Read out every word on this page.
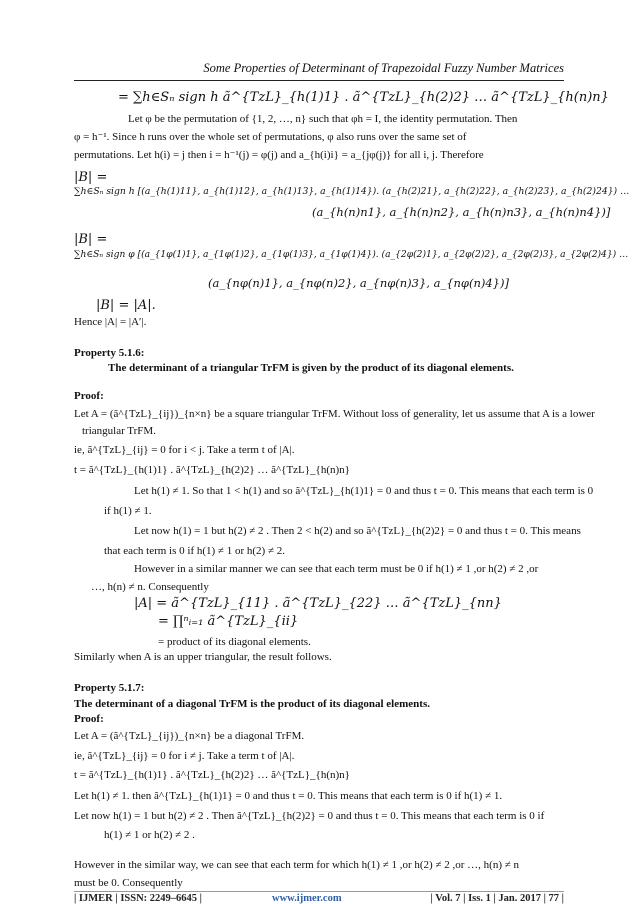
Some Properties of Determinant of Trapezoidal Fuzzy Number Matrices
= ∑h∈Sₙ sign h ã^{TzL}_{h(1)1} . ã^{TzL}_{h(2)2} … ã^{TzL}_{h(n)n}
Let φ be the permutation of {1, 2, …, n} such that φh = I, the identity permutation. Then
φ = h⁻¹. Since h runs over the whole set of permutations, φ also runs over the same set of
permutations. Let h(i) = j then i = h⁻¹(j) = φ(j) and a_{h(i)i} = a_{jφ(j)} for all i, j. Therefore
|B| =
∑h∈Sₙ sign h [(a_{h(1)11}, a_{h(1)12}, a_{h(1)13}, a_{h(1)14}). (a_{h(2)21}, a_{h(2)22}, a_{h(2)23}, a_{h(2)24}) …
(a_{h(n)n1}, a_{h(n)n2}, a_{h(n)n3}, a_{h(n)n4})]
|B| =
∑h∈Sₙ sign φ [(a_{1φ(1)1}, a_{1φ(1)2}, a_{1φ(1)3}, a_{1φ(1)4}). (a_{2φ(2)1}, a_{2φ(2)2}, a_{2φ(2)3}, a_{2φ(2)4}) …
(a_{nφ(n)1}, a_{nφ(n)2}, a_{nφ(n)3}, a_{nφ(n)4})]
|B| = |A|.
Hence |A| = |Aʹ|.
Property 5.1.6:
The determinant of a triangular TrFM is given by the product of its diagonal elements.
Proof:
Let A = (ã^{TzL}_{ij})_{n×n} be a square triangular TrFM. Without loss of generality, let us assume that A is a lower
triangular TrFM.
ie, ã^{TzL}_{ij} = 0 for i < j. Take a term t of |A|.
t = ã^{TzL}_{h(1)1} . ã^{TzL}_{h(2)2} … ã^{TzL}_{h(n)n}
Let h(1) ≠ 1. So that 1 < h(1) and so ã^{TzL}_{h(1)1} = 0 and thus t = 0. This means that each term is 0
if h(1) ≠ 1.
Let now h(1) = 1 but h(2) ≠ 2 . Then 2 < h(2) and so ã^{TzL}_{h(2)2} = 0 and thus t = 0. This means
that each term is 0 if h(1) ≠ 1 or h(2) ≠ 2.
However in a similar manner we can see that each term must be 0 if h(1) ≠ 1 ,or h(2) ≠ 2 ,or
…, h(n) ≠ n. Consequently
|A| = ã^{TzL}_{11} . ã^{TzL}_{22} … ã^{TzL}_{nn}
= ∏ⁿᵢ₌₁ ã^{TzL}_{ii}
= product of its diagonal elements.
Similarly when A is an upper triangular, the result follows.
Property 5.1.7:
The determinant of a diagonal TrFM is the product of its diagonal elements.
Proof:
Let A = (ã^{TzL}_{ij})_{n×n} be a diagonal TrFM.
ie, ã^{TzL}_{ij} = 0 for i ≠ j. Take a term t of |A|.
t = ã^{TzL}_{h(1)1} . ã^{TzL}_{h(2)2} … ã^{TzL}_{h(n)n}
Let h(1) ≠ 1. then ã^{TzL}_{h(1)1} = 0 and thus t = 0. This means that each term is 0 if h(1) ≠ 1.
Let now h(1) = 1 but h(2) ≠ 2 . Then ã^{TzL}_{h(2)2} = 0 and thus t = 0. This means that each term is 0 if
h(1) ≠ 1 or h(2) ≠ 2 .
However in the similar way, we can see that each term for which h(1) ≠ 1 ,or h(2) ≠ 2 ,or …, h(n) ≠ n
must be 0. Consequently
| IJMER | ISSN: 2249–6645 |	www.ijmer.com	| Vol. 7 | Iss. 1 | Jan. 2017 | 77 |
